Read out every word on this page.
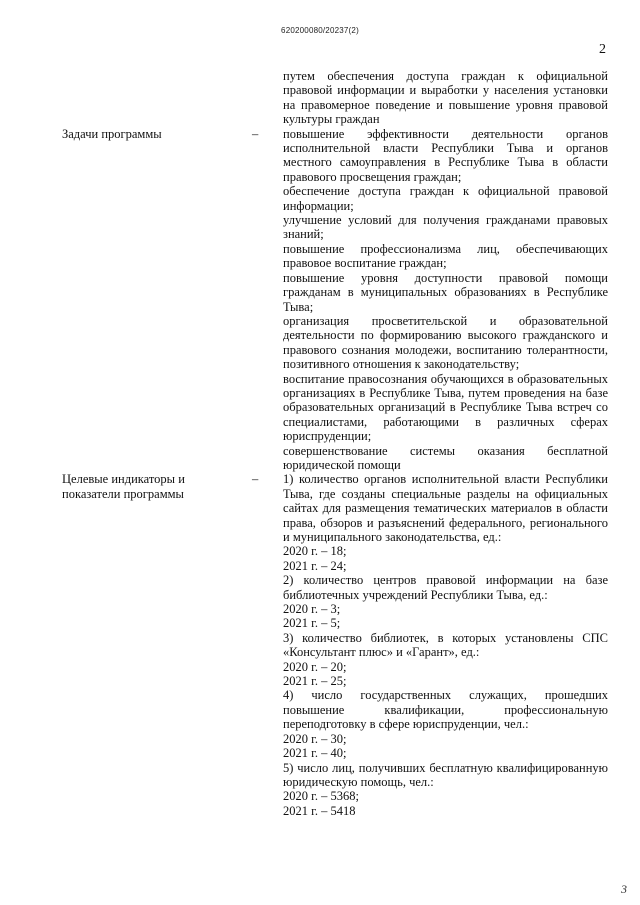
620200080/20237(2)
2

путем обеспечения доступа граждан к официальной правовой информации и выработки у населения установки на правомерное поведение и повышение уровня правовой культуры граждан

Задачи программы	– повышение эффективности деятельности органов исполнительной власти Республики Тыва и органов местного самоуправления в Республике Тыва в области правового просвещения граждан;

обеспечение доступа граждан к официальной правовой информации;

улучшение условий для получения гражданами правовых знаний;

повышение профессионализма лиц, обеспечивающих правовое воспитание граждан;

повышение уровня доступности правовой помощи гражданам в муниципальных образованиях в Республике Тыва;

организация просветительской и образовательной деятельности по формированию высокого гражданского и правового сознания молодежи, воспитанию толерантности, позитивного отношения к законодательству;

воспитание правосознания обучающихся в образовательных организациях в Республике Тыва, путем проведения на базе образовательных организаций в Республике Тыва встреч со специалистами, работающими в различных сферах юриспруденции;

совершенствование системы оказания бесплатной юридической помощи

Целевые индикаторы и показатели программы
– 1) количество органов исполнительной власти Республики Тыва, где созданы специальные разделы на официальных сайтах для размещения тематических материалов в области права, обзоров и разъяснений федерального, регионального и муниципального законодательства, ед.:

2020 г. – 18;

2021 г. – 24;

2) количество центров правовой информации на базе библиотечных учреждений Республики Тыва, ед.:

2020 г. – 3;

2021 г. – 5;

3) количество библиотек, в которых установлены СПС «Консультант плюс» и «Гарант», ед.:

2020 г. – 20;

2021 г. – 25;

4) число государственных служащих, прошедших повышение квалификации, профессиональную переподготовку в сфере юриспруденции, чел.:

2020 г. – 30;

2021 г. – 40;

5) число лиц, получивших бесплатную квалифицированную юридическую помощь, чел.:

2020 г. – 5368;

2021 г. – 5418

3
